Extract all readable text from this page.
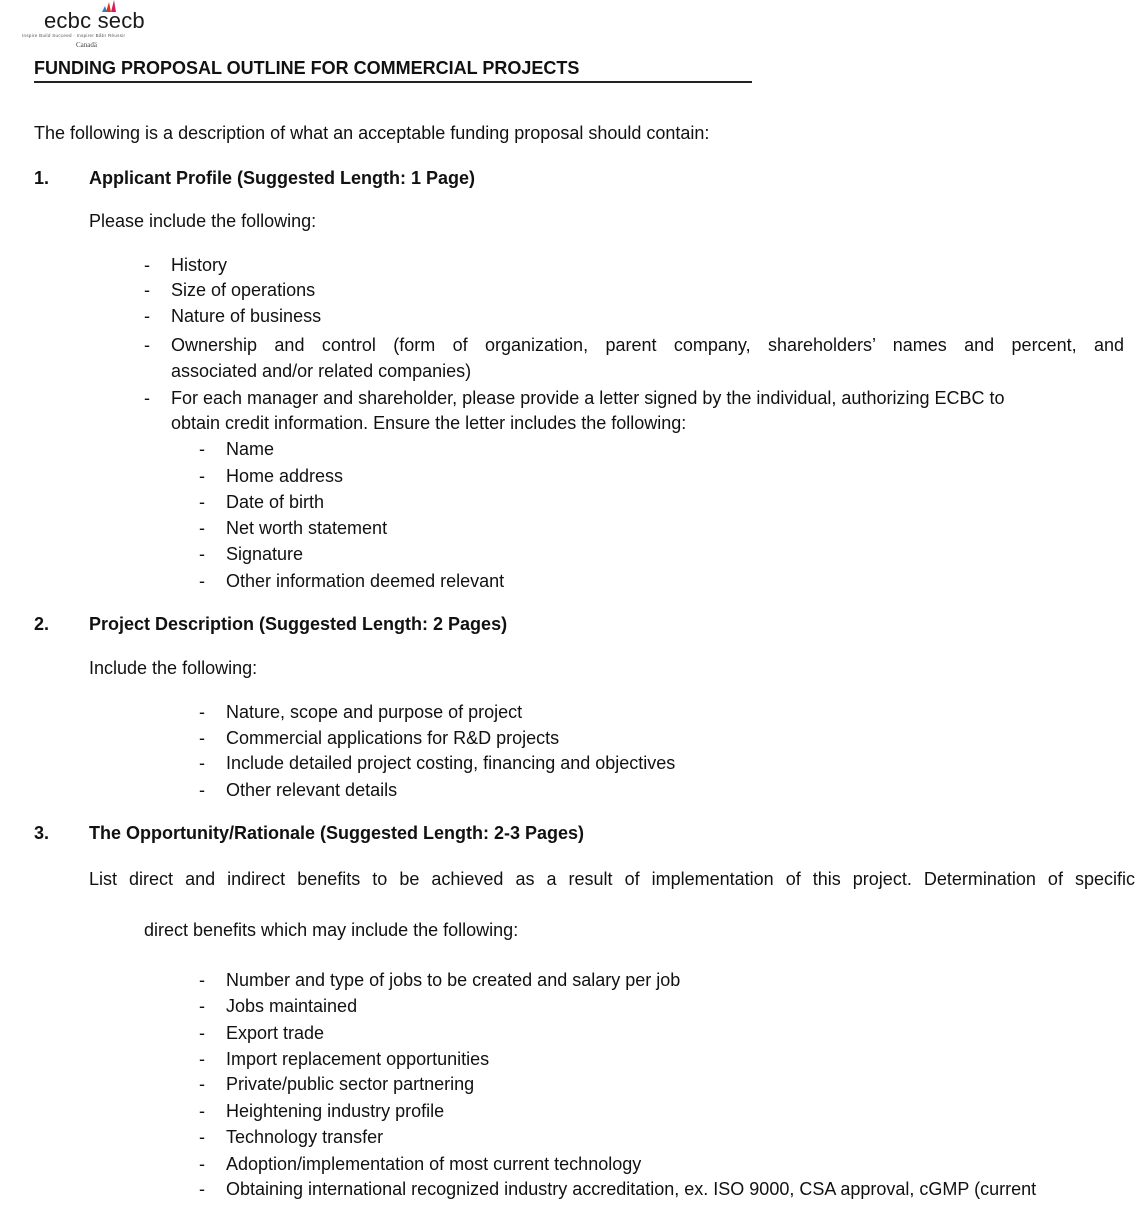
ecbc secb
Inspire Build Succeed · Inspirer Bâtir Réussir
Canadä
FUNDING PROPOSAL OUTLINE FOR COMMERCIAL PROJECTS
The following is a description of what an acceptable funding proposal should contain:
1. Applicant Profile (Suggested Length: 1 Page)
Please include the following:
- History
- Size of operations
- Nature of business
- Ownership and control (form of organization, parent company, shareholders’ names and percent, and
associated and/or related companies)
- For each manager and shareholder, please provide a letter signed by the individual, authorizing ECBC to
obtain credit information. Ensure the letter includes the following:
- Name
- Home address
- Date of birth
- Net worth statement
- Signature
- Other information deemed relevant
2. Project Description (Suggested Length: 2 Pages)
Include the following:
- Nature, scope and purpose of project
- Commercial applications for R&D projects
- Include detailed project costing, financing and objectives
- Other relevant details
3. The Opportunity/Rationale (Suggested Length: 2-3 Pages)
List direct and indirect benefits to be achieved as a result of implementation of this project. Determination of specific
direct benefits which may include the following:
- Number and type of jobs to be created and salary per job
- Jobs maintained
- Export trade
- Import replacement opportunities
- Private/public sector partnering
- Heightening industry profile
- Technology transfer
- Adoption/implementation of most current technology
- Obtaining international recognized industry accreditation, ex. ISO 9000, CSA approval, cGMP (current
